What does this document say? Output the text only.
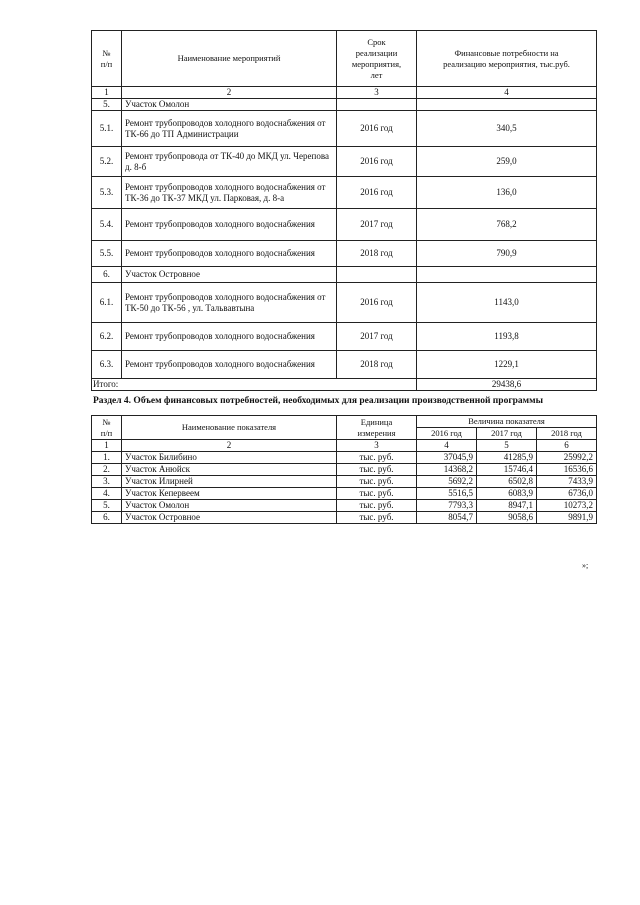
№
п/п	Наименование мероприятий	Срок
реализации
мероприятия,
лет	Финансовые потребности на
реализацию мероприятия, тыс.руб.
1	2	3	4
5.	Участок Омолон		
5.1.	Ремонт трубопроводов холодного водоснабжения от ТК-66 до ТП Администрации	2016 год	340,5
5.2.	Ремонт трубопровода от ТК-40 до МКД ул. Черепова д. 8-б	2016 год	259,0
5.3.	Ремонт трубопроводов холодного водоснабжения от ТК-36 до ТК-37 МКД ул. Парковая, д. 8-а	2016 год	136,0
5.4.	Ремонт трубопроводов холодного водоснабжения	2017 год	768,2
5.5.	Ремонт трубопроводов холодного водоснабжения	2018 год	790,9
6.	Участок Островное		
6.1.	Ремонт трубопроводов холодного водоснабжения от ТК-50 до ТК-56 , ул. Тальвавтына	2016 год	1143,0
6.2.	Ремонт трубопроводов холодного водоснабжения	2017 год	1193,8
6.3.	Ремонт трубопроводов холодного водоснабжения	2018 год	1229,1
Итого:			29438,6
Раздел 4. Объем финансовых потребностей, необходимых для реализации производственной программы
№
п/п	Наименование показателя	Единица
измерения	Величина показателя		
			2016 год	2017 год	2018 год
1	2	3	4	5	6
1.	Участок Билибино	тыс. руб.	37045,9	41285,9	25992,2
2.	Участок Анюйск	тыс. руб.	14368,2	15746,4	16536,6
3.	Участок Илирней	тыс. руб.	5692,2	6502,8	7433,9
4.	Участок Кепервеем	тыс. руб.	5516,5	6083,9	6736,0
5.	Участок Омолон	тыс. руб.	7793,3	8947,1	10273,2
6.	Участок Островное	тыс. руб.	8054,7	9058,6	9891,9
»;
